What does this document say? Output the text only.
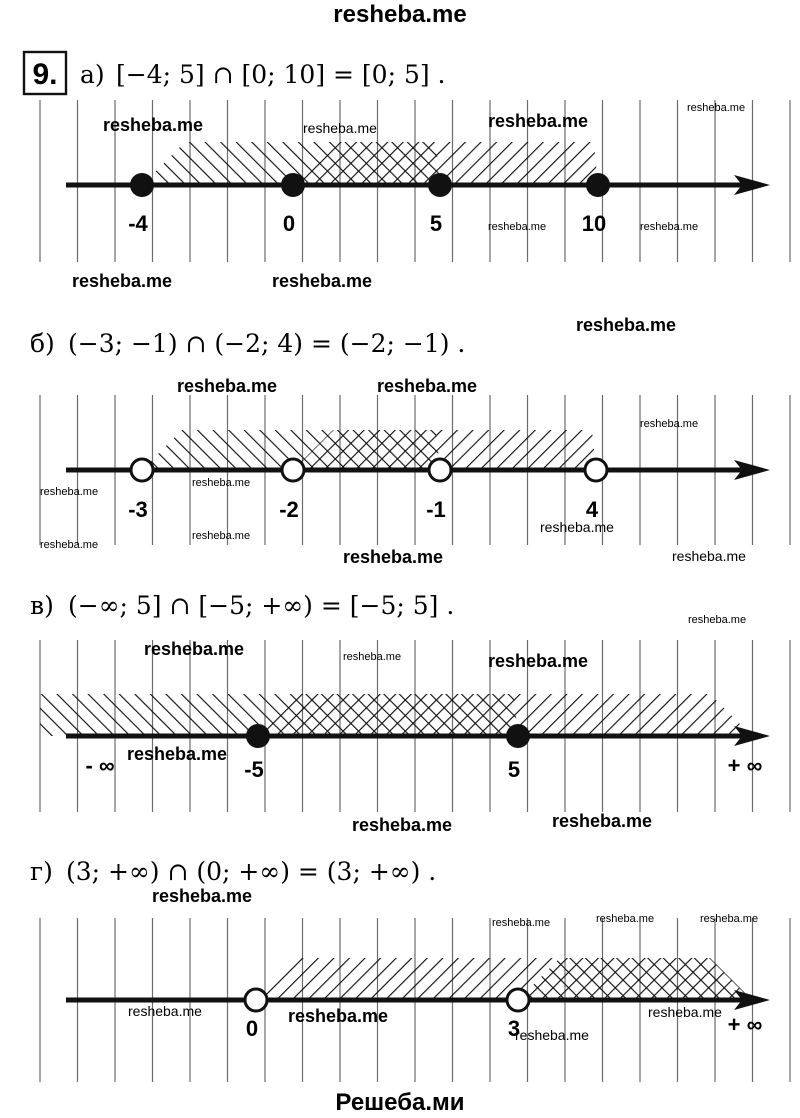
resheba.me
Решеба.ми
9. а) [−4; 5] ∩ [0; 10] = [0; 5] .
б) (−3; −1) ∩ (−2; 4) = (−2; −1) .
в) (−∞; 5] ∩ [−5; +∞) = [−5; 5] .
г) (3; +∞) ∩ (0; +∞) = (3; +∞) .
-4	0	5	10
-3	-2	-1	4
-5	5
- ∞	+ ∞
0	3	+ ∞
resheba.me	resheba.me	resheba.me
resheba.me
resheba.me	resheba.me
resheba.me	resheba.me
resheba.me
resheba.me	resheba.me
resheba.me
resheba.me
resheba.me
resheba.me
resheba.me
resheba.me
resheba.me	resheba.me
resheba.me
resheba.me	resheba.me	resheba.me
resheba.me
resheba.me	resheba.me
resheba.me
resheba.me	resheba.me	resheba.me
resheba.me	resheba.me
resheba.me
resheba.me
